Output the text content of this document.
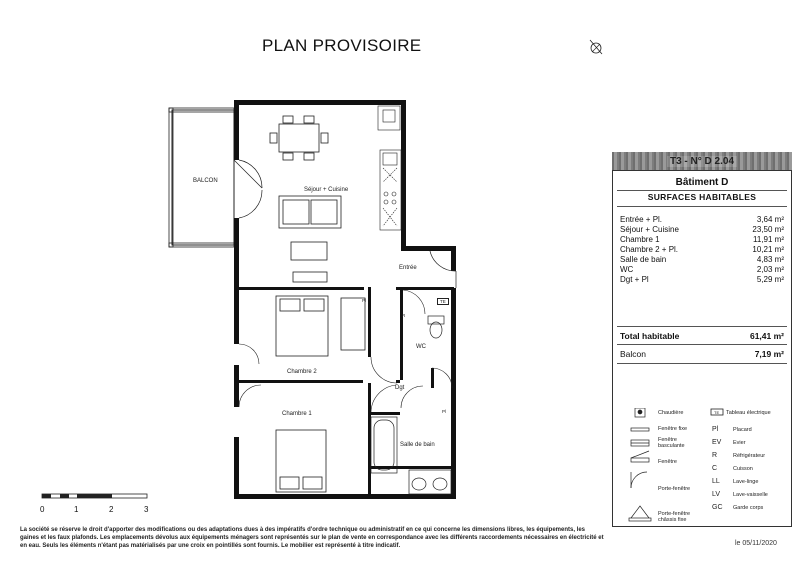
PLAN PROVISOIRE
BALCON
Séjour + Cuisine
Entrée
WC
Chambre 2
Chambre 1
Dgt
Salle de bain
Pl	TE
R
Pl
T3 - N° D 2.04
Bâtiment D
SURFACES HABITABLES
Entrée + Pl.	3,64 m²
Séjour + Cuisine	23,50 m²
Chambre 1	11,91 m²
Chambre 2 + Pl.	10,21 m²
Salle de bain	4,83 m²
WC	2,03 m²
Dgt + Pl	5,29 m²
Total habitable	61,41 m²
Balcon	7,19 m²
Chaudière	TE Tableau électrique
Fenêtre fixe
Fenêtre basculante
Fenêtre
Porte-fenêtre
Porte-fenêtre châssis fixe
Pl	Placard
EV Evier
R	Réfrigérateur
C	Cuisson
LL Lave-linge
LV Lave-vaisselle
GC Garde corps
0	1	2	3
La société se réserve le droit d'apporter des modifications ou des adaptations dues à des impératifs d'ordre technique ou administratif en ce qui concerne les dimensions libres, les équipements, les gaines et les faux plafonds. Les emplacements dévolus aux équipements ménagers sont représentés sur le plan de vente en correspondance avec les différents raccordements nécessaires en électricité et en eau. Seuls les éléments n'étant pas matérialisés par une croix en pointillés sont fournis. Le mobilier est représenté à titre indicatif.	le 05/11/2020
